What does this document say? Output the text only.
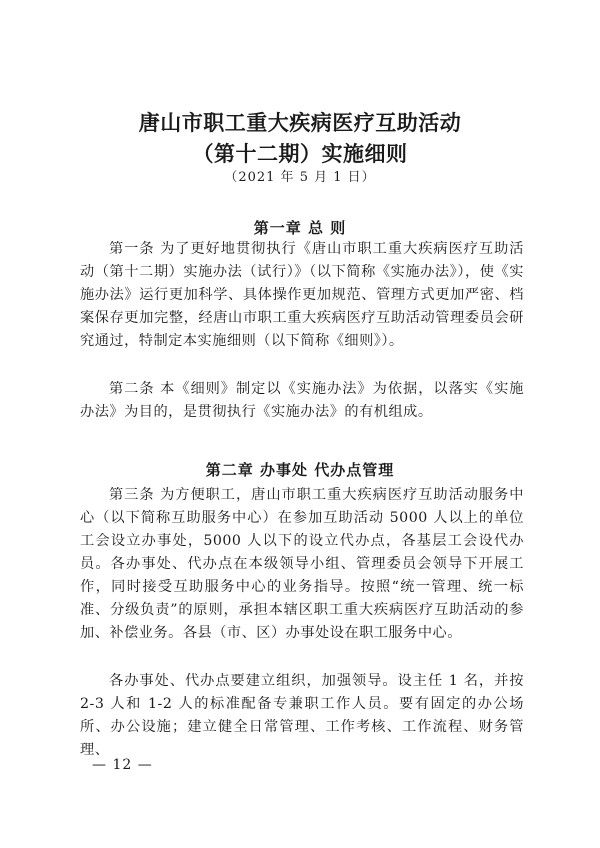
唐山市职工重大疾病医疗互助活动
（第十二期）实施细则
（2021 年 5 月 1 日）
第一章 总 则

第一条 为了更好地贯彻执行《唐山市职工重大疾病医疗互助活动（第十二期）实施办法（试行）》（以下简称《实施办法》），使《实施办法》运行更加科学、具体操作更加规范、管理方式更加严密、档案保存更加完整，经唐山市职工重大疾病医疗互助活动管理委员会研究通过，特制定本实施细则（以下简称《细则》）。

第二条 本《细则》制定以《实施办法》为依据，以落实《实施办法》为目的，是贯彻执行《实施办法》的有机组成。

第二章 办事处 代办点管理

第三条 为方便职工，唐山市职工重大疾病医疗互助活动服务中心（以下简称互助服务中心）在参加互助活动 5000 人以上的单位工会设立办事处，5000 人以下的设立代办点，各基层工会设代办员。各办事处、代办点在本级领导小组、管理委员会领导下开展工作，同时接受互助服务中心的业务指导。按照“统一管理、统一标准、分级负责”的原则，承担本辖区职工重大疾病医疗互助活动的参加、补偿业务。各县（市、区）办事处设在职工服务中心。

各办事处、代办点要建立组织，加强领导。设主任 1 名，并按 2-3 人和 1-2 人的标准配备专兼职工作人员。要有固定的办公场所、办公设施；建立健全日常管理、工作考核、工作流程、财务管理、

— 12 —
